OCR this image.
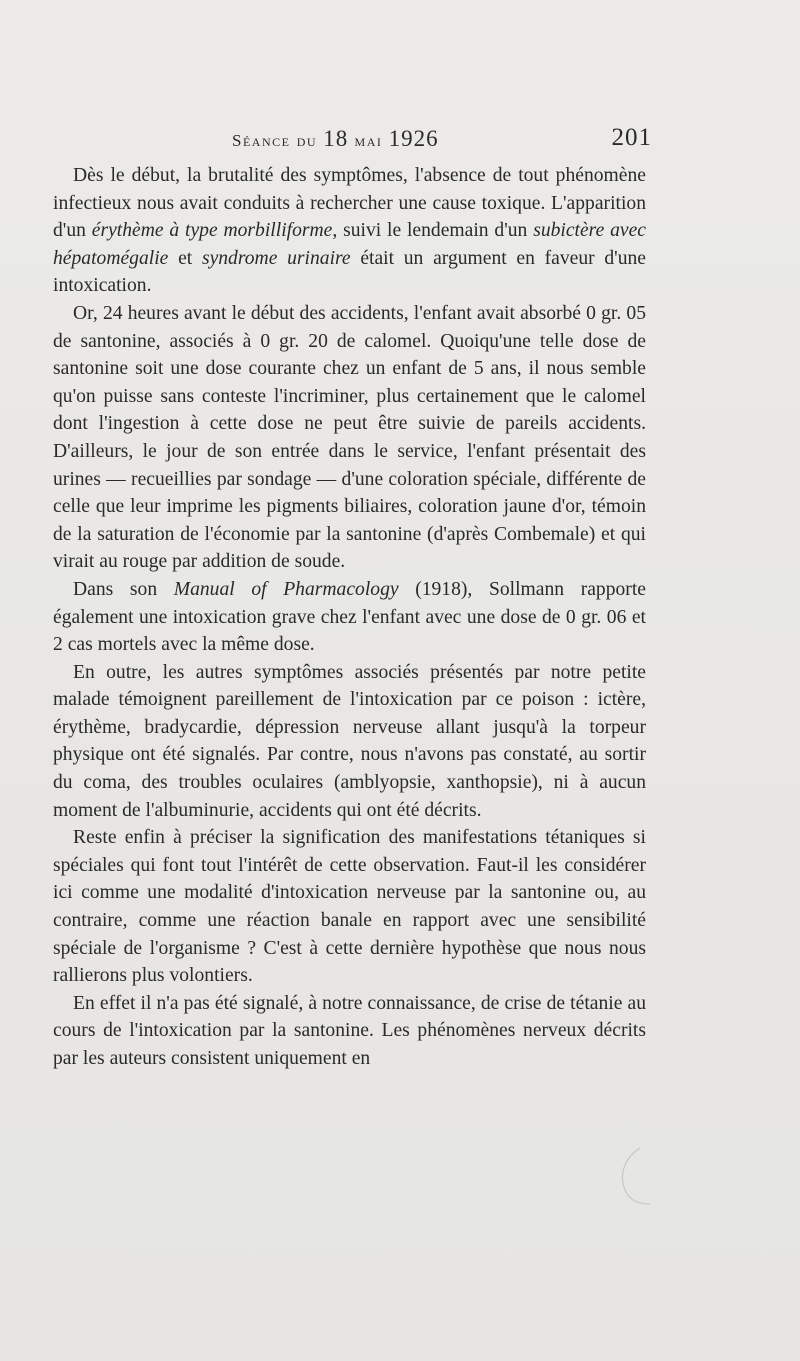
Séance du 18 mai 1926	201

Dès le début, la brutalité des symptômes, l'absence de tout phénomène infectieux nous avait conduits à rechercher une cause toxique. L'apparition d'un érythème à type morbilliforme, suivi le lendemain d'un subictère avec hépatomégalie et syndrome urinaire était un argument en faveur d'une intoxication.

Or, 24 heures avant le début des accidents, l'enfant avait absorbé 0 gr. 05 de santonine, associés à 0 gr. 20 de calomel. Quoiqu'une telle dose de santonine soit une dose courante chez un enfant de 5 ans, il nous semble qu'on puisse sans conteste l'incriminer, plus certainement que le calomel dont l'ingestion à cette dose ne peut être suivie de pareils accidents. D'ailleurs, le jour de son entrée dans le service, l'enfant présentait des urines — recueillies par sondage — d'une coloration spéciale, différente de celle que leur imprime les pigments biliaires, coloration jaune d'or, témoin de la saturation de l'économie par la santonine (d'après Combemale) et qui virait au rouge par addition de soude.

Dans son Manual of Pharmacology (1918), Sollmann rapporte également une intoxication grave chez l'enfant avec une dose de 0 gr. 06 et 2 cas mortels avec la même dose.

En outre, les autres symptômes associés présentés par notre petite malade témoignent pareillement de l'intoxication par ce poison : ictère, érythème, bradycardie, dépression nerveuse allant jusqu'à la torpeur physique ont été signalés. Par contre, nous n'avons pas constaté, au sortir du coma, des troubles oculaires (amblyopsie, xanthopsie), ni à aucun moment de l'albuminurie, accidents qui ont été décrits.

Reste enfin à préciser la signification des manifestations tétaniques si spéciales qui font tout l'intérêt de cette observation. Faut-il les considérer ici comme une modalité d'intoxication nerveuse par la santonine ou, au contraire, comme une réaction banale en rapport avec une sensibilité spéciale de l'organisme ? C'est à cette dernière hypothèse que nous nous rallierons plus volontiers.

En effet il n'a pas été signalé, à notre connaissance, de crise de tétanie au cours de l'intoxication par la santonine. Les phénomènes nerveux décrits par les auteurs consistent uniquement en
